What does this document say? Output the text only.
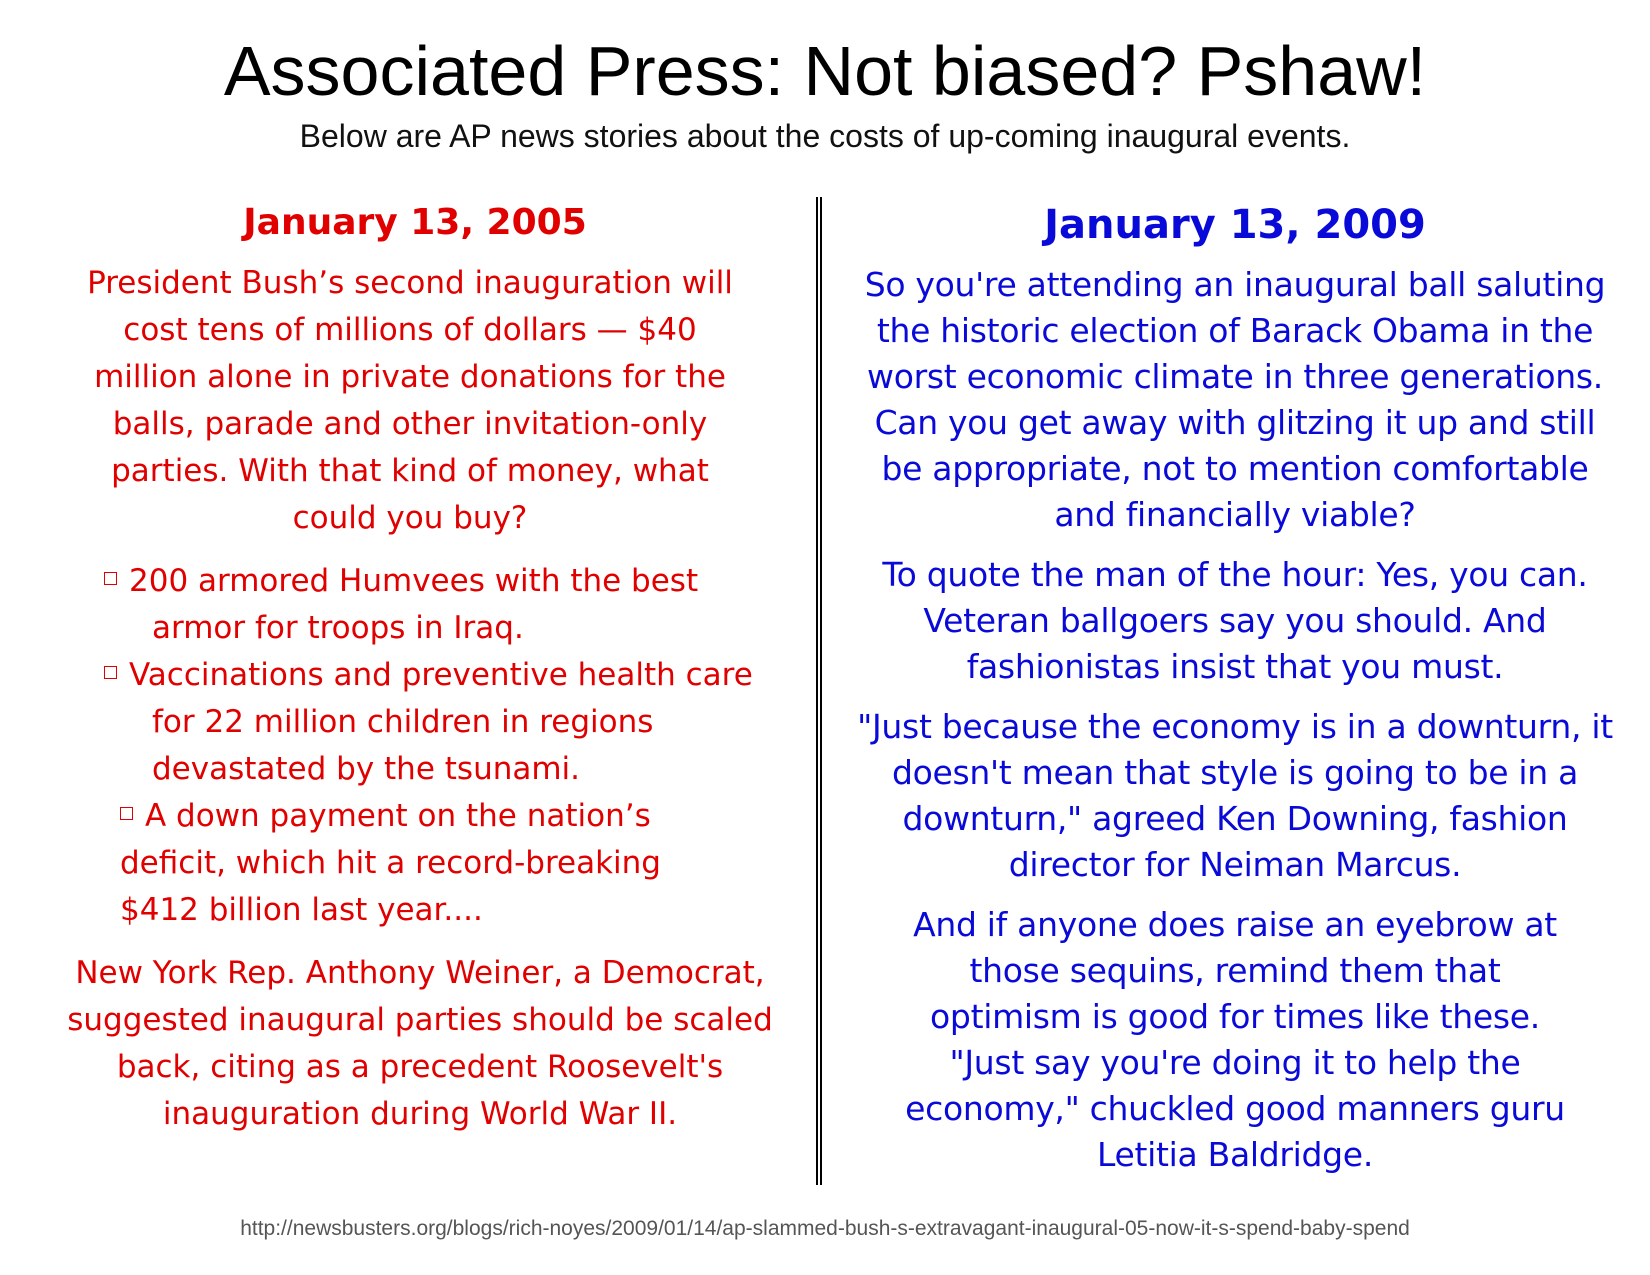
Associated Press: Not biased? Pshaw!
Below are AP news stories about the costs of up-coming inaugural events.
January 13, 2005

President Bush’s second inauguration will cost tens of millions of dollars — $40 million alone in private donations for the balls, parade and other invitation-only parties. With that kind of money, what could you buy?

200 armored Humvees with the best armor for troops in Iraq.
Vaccinations and preventive health care for 22 million children in regions devastated by the tsunami.
A down payment on the nation’s deficit, which hit a record-breaking $412 billion last year....

New York Rep. Anthony Weiner, a Democrat, suggested inaugural parties should be scaled back, citing as a precedent Roosevelt's inauguration during World War II.

January 13, 2009

So you're attending an inaugural ball saluting the historic election of Barack Obama in the worst economic climate in three generations. Can you get away with glitzing it up and still be appropriate, not to mention comfortable and financially viable?

To quote the man of the hour: Yes, you can. Veteran ballgoers say you should. And fashionistas insist that you must.

"Just because the economy is in a downturn, it doesn't mean that style is going to be in a downturn," agreed Ken Downing, fashion director for Neiman Marcus.

And if anyone does raise an eyebrow at those sequins, remind them that optimism is good for times like these. "Just say you're doing it to help the economy," chuckled good manners guru Letitia Baldridge.

http://newsbusters.org/blogs/rich-noyes/2009/01/14/ap-slammed-bush-s-extravagant-inaugural-05-now-it-s-spend-baby-spend
